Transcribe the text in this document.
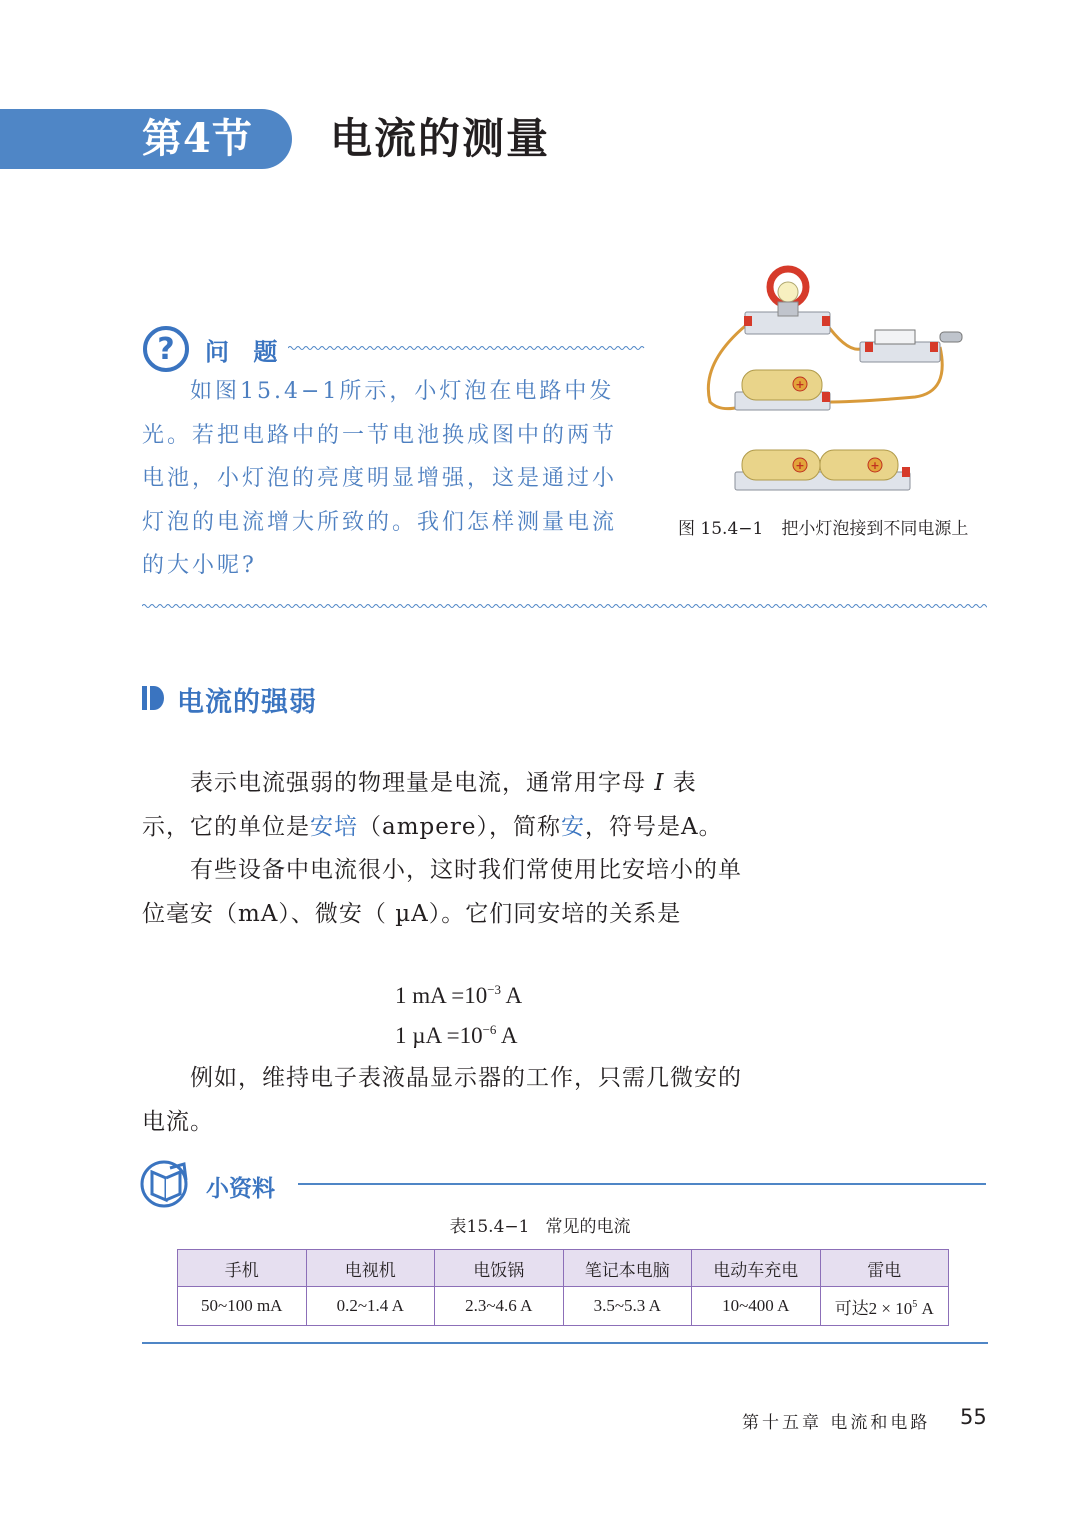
第4节 电流的测量
? 问 题
如图15.4−1所示，小灯泡在电路中发
光。若把电路中的一节电池换成图中的两节
电池，小灯泡的亮度明显增强，这是通过小
灯泡的电流增大所致的。我们怎样测量电流
的大小呢?
+
+	+
图 15.4−1 把小灯泡接到不同电源上
电流的强弱
表示电流强弱的物理量是电流，通常用字母 I 表示，它的单位是安培（ampere），简称安，符号是A。
有些设备中电流很小，这时我们常使用比安培小的单位毫安（mA）、微安（ µA）。它们同安培的关系是
1 mA $=10^{-3}$ A
1 $\mu A =10^{-6}$ A
例如，维持电子表液晶显示器的工作，只需几微安的电流。
小资料
表15.4−1 常见的电流
手机	电视机	电饭锅	笔记本电脑	电动车充电	雷电
50~100 mA	0.2~1.4 A	2.3~4.6 A	3.5~5.3 A	10~400 A	可达$2 \times 10^5$ A
第十五章 电流和电路 55
